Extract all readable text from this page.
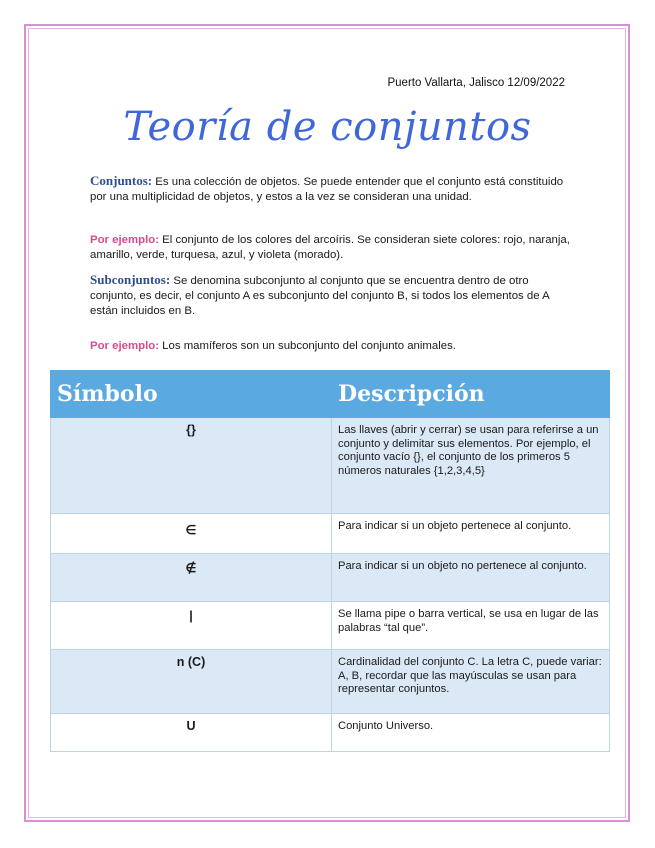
Puerto Vallarta, Jalisco 12/09/2022
Teoría de conjuntos
Conjuntos: Es una colección de objetos. Se puede entender que el conjunto está constituido por una multiplicidad de objetos, y estos a la vez se consideran una unidad.
Por ejemplo: El conjunto de los colores del arcoíris. Se consideran siete colores: rojo, naranja, amarillo, verde, turquesa, azul, y violeta (morado).
Subconjuntos: Se denomina subconjunto al conjunto que se encuentra dentro de otro conjunto, es decir, el conjunto A es subconjunto del conjunto B, si todos los elementos de A están incluidos en B.
Por ejemplo: Los mamíferos son un subconjunto del conjunto animales.
Símbolo	Descripción
{}	Las llaves (abrir y cerrar) se usan para referirse a un conjunto y delimitar sus elementos. Por ejemplo, el conjunto vacío {}, el conjunto de los primeros 5 números naturales {1,2,3,4,5}
∈	Para indicar si un objeto pertenece al conjunto.
∉	Para indicar si un objeto no pertenece al conjunto.
|	Se llama pipe o barra vertical, se usa en lugar de las palabras “tal que”.
n (C)	Cardinalidad del conjunto C. La letra C, puede variar: A, B, recordar que las mayúsculas se usan para representar conjuntos.
U	Conjunto Universo.
